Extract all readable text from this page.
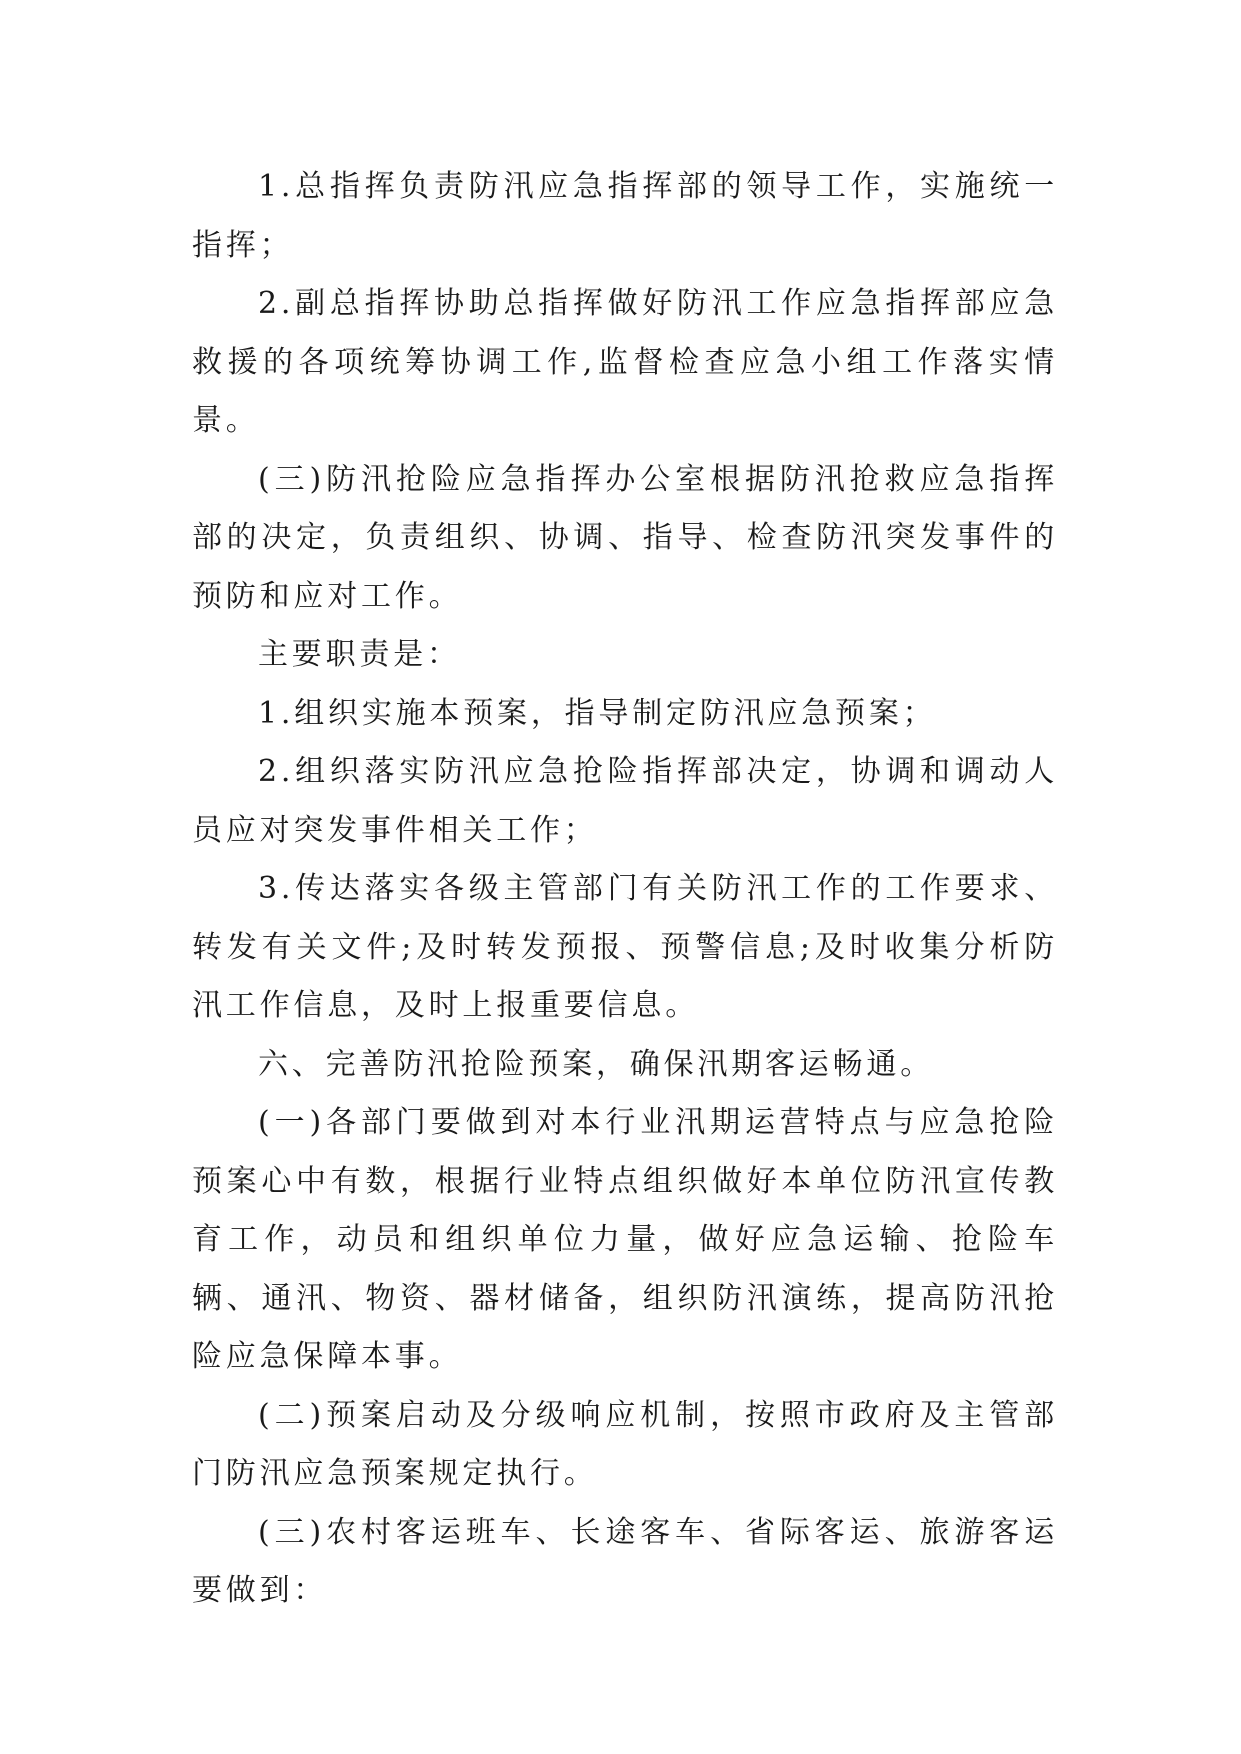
1.总指挥负责防汛应急指挥部的领导工作，实施统一指挥；

2.副总指挥协助总指挥做好防汛工作应急指挥部应急救援的各项统筹协调工作,监督检查应急小组工作落实情景。

(三)防汛抢险应急指挥办公室根据防汛抢救应急指挥部的决定，负责组织、协调、指导、检查防汛突发事件的预防和应对工作。

主要职责是：

1.组织实施本预案，指导制定防汛应急预案；

2.组织落实防汛应急抢险指挥部决定，协调和调动人员应对突发事件相关工作；

3.传达落实各级主管部门有关防汛工作的工作要求、转发有关文件;及时转发预报、预警信息;及时收集分析防汛工作信息，及时上报重要信息。

六、完善防汛抢险预案，确保汛期客运畅通。

(一)各部门要做到对本行业汛期运营特点与应急抢险预案心中有数，根据行业特点组织做好本单位防汛宣传教育工作，动员和组织单位力量，做好应急运输、抢险车辆、通汛、物资、器材储备，组织防汛演练，提高防汛抢险应急保障本事。

(二)预案启动及分级响应机制，按照市政府及主管部门防汛应急预案规定执行。

(三)农村客运班车、长途客车、省际客运、旅游客运要做到：
